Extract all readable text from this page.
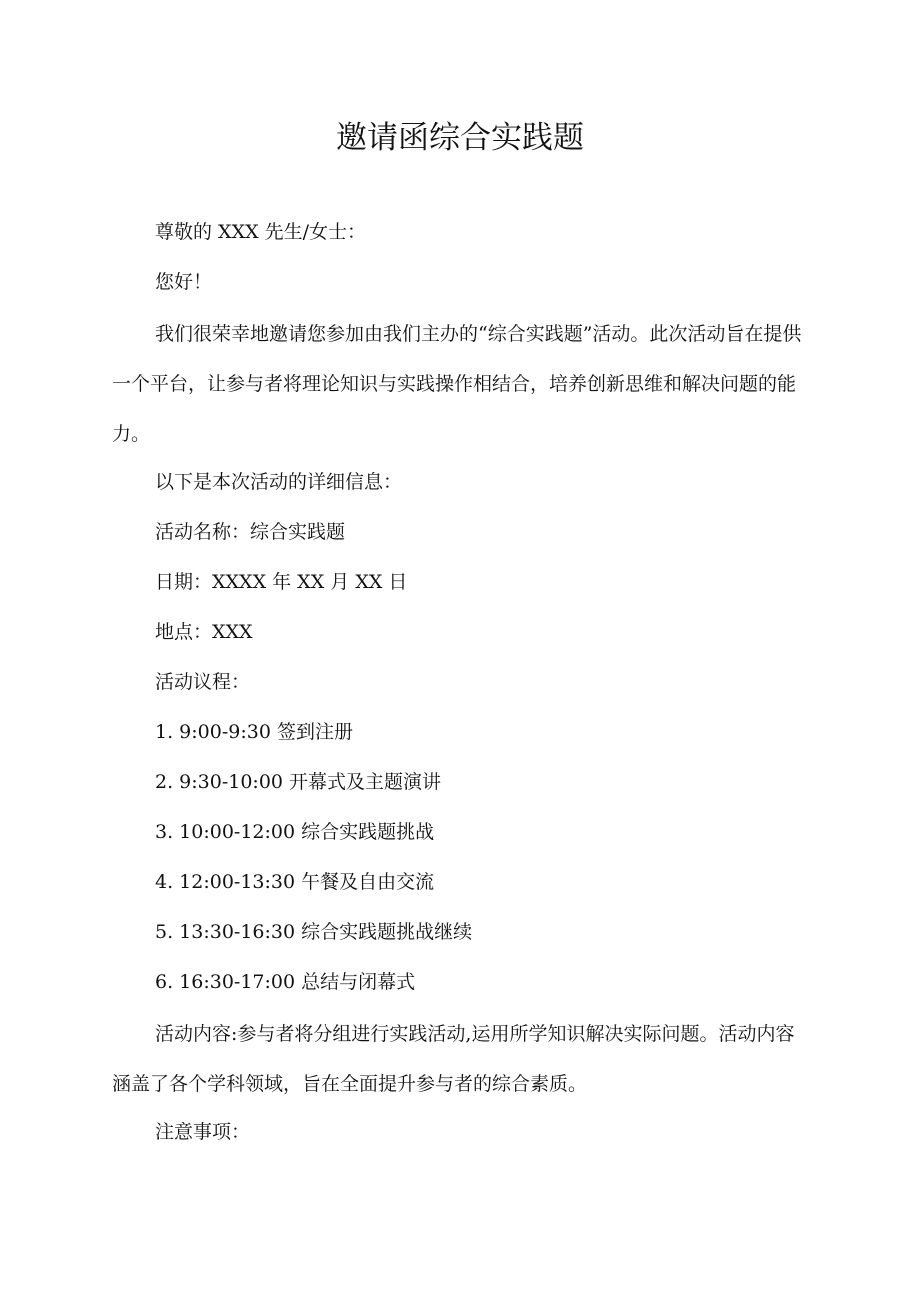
邀请函综合实践题

尊敬的 XXX 先生/女士：

您好！

我们很荣幸地邀请您参加由我们主办的“综合实践题”活动。此次活动旨在提供一个平台，让参与者将理论知识与实践操作相结合，培养创新思维和解决问题的能力。

以下是本次活动的详细信息：

活动名称：综合实践题

日期：XXXX 年 XX 月 XX 日

地点：XXX

活动议程：

1. 9:00-9:30 签到注册

2. 9:30-10:00 开幕式及主题演讲

3. 10:00-12:00 综合实践题挑战

4. 12:00-13:30 午餐及自由交流

5. 13:30-16:30 综合实践题挑战继续

6. 16:30-17:00 总结与闭幕式

活动内容:参与者将分组进行实践活动,运用所学知识解决实际问题。活动内容涵盖了各个学科领域，旨在全面提升参与者的综合素质。

注意事项：
